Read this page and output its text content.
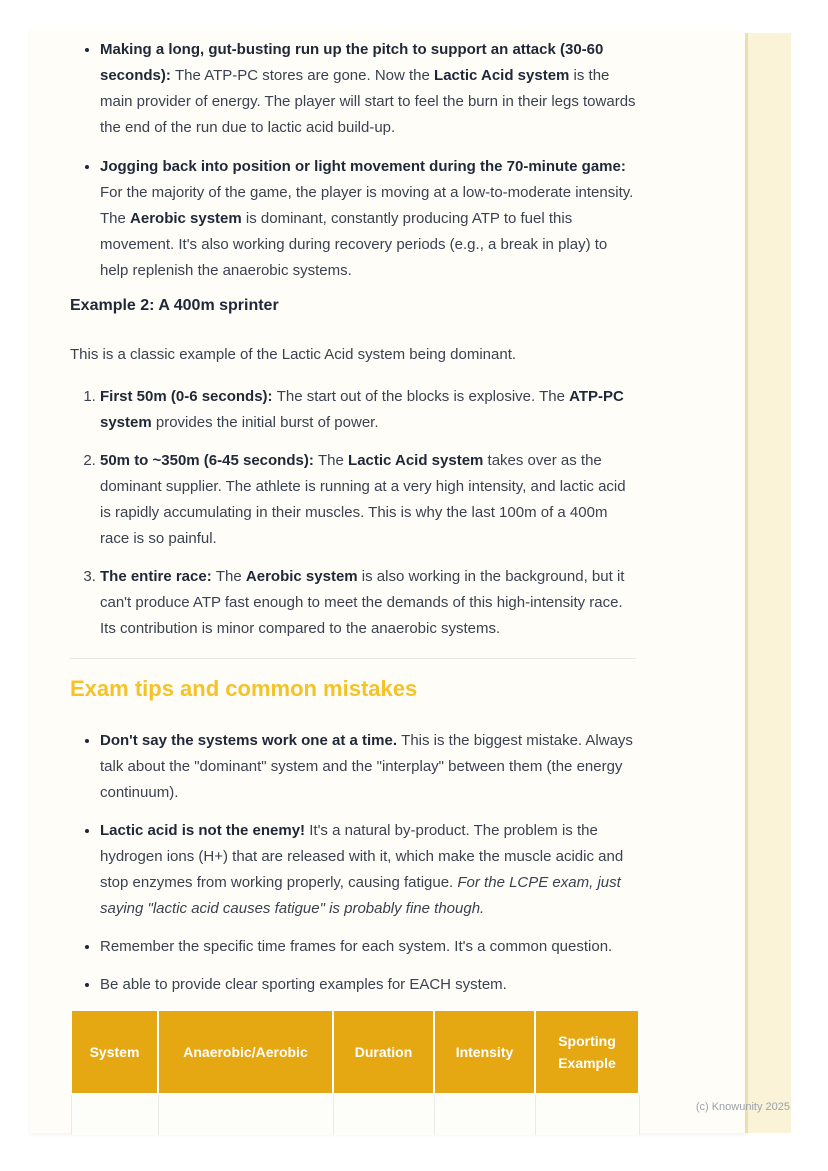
• Making a long, gut-busting run up the pitch to support an attack (30-60 seconds): The ATP-PC stores are gone. Now the Lactic Acid system is the main provider of energy. The player will start to feel the burn in their legs towards the end of the run due to lactic acid build-up.
• Jogging back into position or light movement during the 70-minute game: For the majority of the game, the player is moving at a low-to-moderate intensity. The Aerobic system is dominant, constantly producing ATP to fuel this movement. It's also working during recovery periods (e.g., a break in play) to help replenish the anaerobic systems.

Example 2: A 400m sprinter

This is a classic example of the Lactic Acid system being dominant.

1. First 50m (0-6 seconds): The start out of the blocks is explosive. The ATP-PC system provides the initial burst of power.
2. 50m to ~350m (6-45 seconds): The Lactic Acid system takes over as the dominant supplier. The athlete is running at a very high intensity, and lactic acid is rapidly accumulating in their muscles. This is why the last 100m of a 400m race is so painful.
3. The entire race: The Aerobic system is also working in the background, but it can't produce ATP fast enough to meet the demands of this high-intensity race. Its contribution is minor compared to the anaerobic systems.
Exam tips and common mistakes
• Don't say the systems work one at a time. This is the biggest mistake. Always talk about the "dominant" system and the "interplay" between them (the energy continuum).
• Lactic acid is not the enemy! It's a natural by-product. The problem is the hydrogen ions (H+) that are released with it, which make the muscle acidic and stop enzymes from working properly, causing fatigue. For the LCPE exam, just saying "lactic acid causes fatigue" is probably fine though.
• Remember the specific time frames for each system. It's a common question.
• Be able to provide clear sporting examples for EACH system.
System	Anaerobic/Aerobic	Duration	Intensity	Sporting Example

(c) Knowunity 2025
